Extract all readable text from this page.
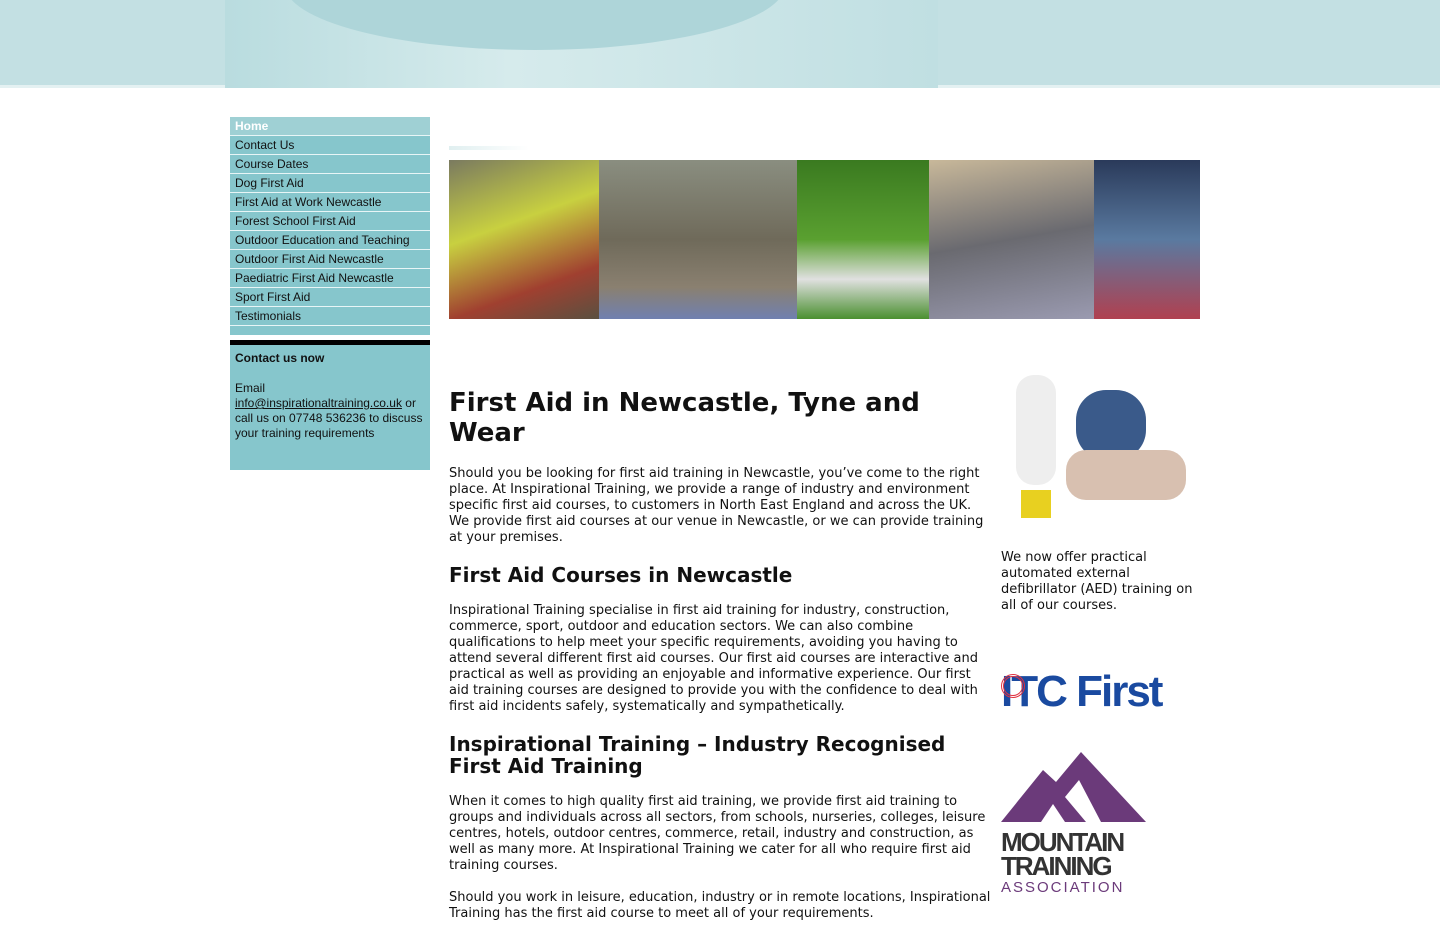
Home
Contact Us
Course Dates
Dog First Aid
First Aid at Work Newcastle
Forest School First Aid
Outdoor Education and Teaching
Outdoor First Aid Newcastle
Paediatric First Aid Newcastle
Sport First Aid
Testimonials
Contact us now
Email
info@inspirationaltraining.co.uk or call us on 07748 536236 to discuss your training requirements
First Aid in Newcastle, Tyne and Wear

Should you be looking for first aid training in Newcastle, you’ve come to the right place. At Inspirational Training, we provide a range of industry and environment specific first aid courses, to customers in North East England and across the UK. We provide first aid courses at our venue in Newcastle, or we can provide training at your premises.

First Aid Courses in Newcastle

Inspirational Training specialise in first aid training for industry, construction, commerce, sport, outdoor and education sectors. We can also combine qualifications to help meet your specific requirements, avoiding you having to attend several different first aid courses. Our first aid courses are interactive and practical as well as providing an enjoyable and informative experience. Our first aid training courses are designed to provide you with the confidence to deal with first aid incidents safely, systematically and sympathetically.

Inspirational Training – Industry Recognised First Aid Training

When it comes to high quality first aid training, we provide first aid training to groups and individuals across all sectors, from schools, nurseries, colleges, leisure centres, hotels, outdoor centres, commerce, retail, industry and construction, as well as many more. At Inspirational Training we cater for all who require first aid training courses.

Should you work in leisure, education, industry or in remote locations, Inspirational Training has the first aid course to meet all of your requirements.

We now offer practical automated external defibrillator (AED) training on all of our courses.

ITC First
MOUNTAIN
TRAINING
ASSOCIATION
